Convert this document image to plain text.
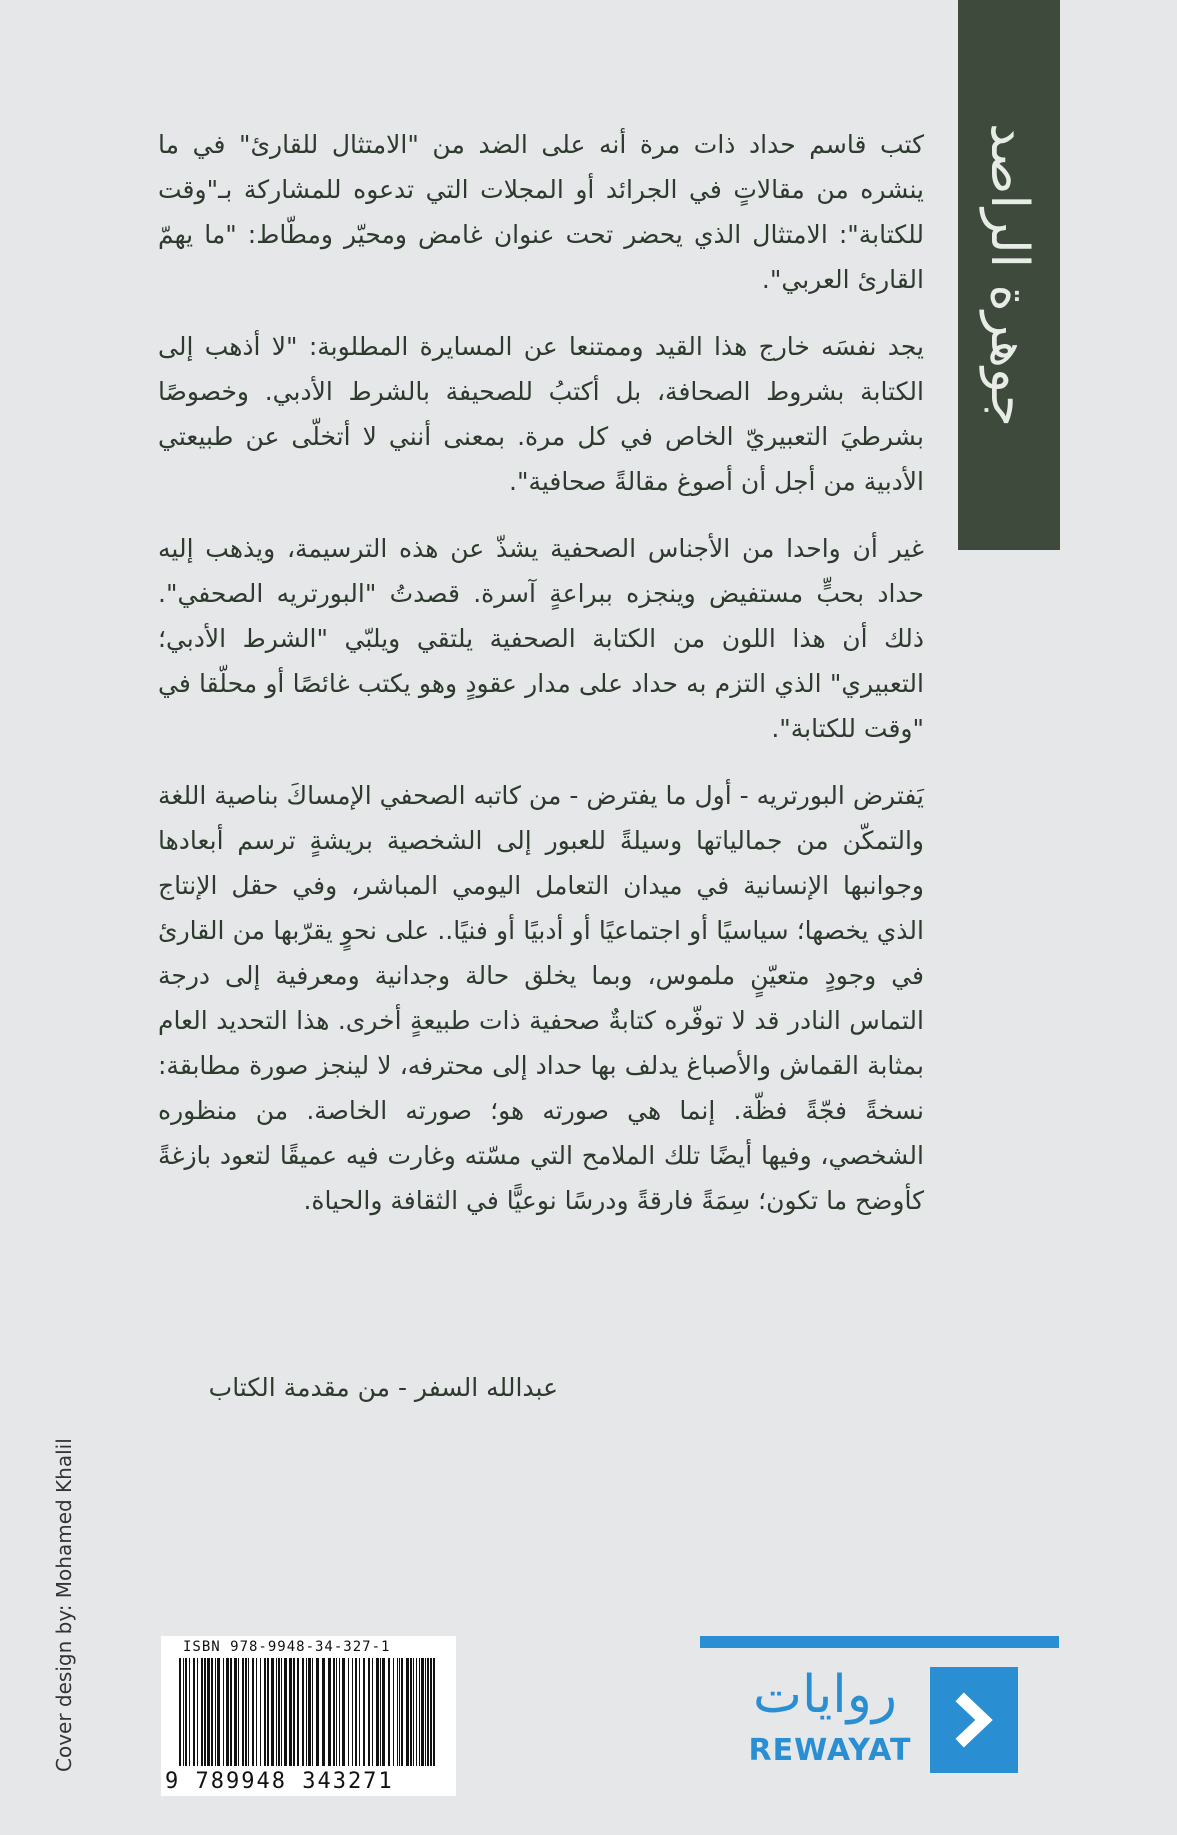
جوهرة الراصد

كتب قاسم حداد ذات مرة أنه على الضد من "الامتثال للقارئ" في ما ينشره من مقالاتٍ في الجرائد أو المجلات التي تدعوه للمشاركة بـ"وقت للكتابة": الامتثال الذي يحضر تحت عنوان غامض ومحيّر ومطّاط: "ما يهمّ القارئ العربي".

يجد نفسَه خارج هذا القيد وممتنعا عن المسايرة المطلوبة: "لا أذهب إلى الكتابة بشروط الصحافة، بل أكتبُ للصحيفة بالشرط الأدبي. وخصوصًا بشرطيَ التعبيريّ الخاص في كل مرة. بمعنى أنني لا أتخلّى عن طبيعتي الأدبية من أجل أن أصوغ مقالةً صحافية".

غير أن واحدا من الأجناس الصحفية يشذّ عن هذه الترسيمة، ويذهب إليه حداد بحبٍّ مستفيض وينجزه ببراعةٍ آسرة. قصدتُ "البورتريه الصحفي". ذلك أن هذا اللون من الكتابة الصحفية يلتقي ويلبّي "الشرط الأدبي؛ التعبيري" الذي التزم به حداد على مدار عقودٍ وهو يكتب غائصًا أو محلّقا في "وقت للكتابة".

يَفترض البورتريه - أول ما يفترض - من كاتبه الصحفي الإمساكَ بناصية اللغة والتمكّن من جمالياتها وسيلةً للعبور إلى الشخصية بريشةٍ ترسم أبعادها وجوانبها الإنسانية في ميدان التعامل اليومي المباشر، وفي حقل الإنتاج الذي يخصها؛ سياسيًا أو اجتماعيًا أو أدبيًا أو فنيًا.. على نحوٍ يقرّبها من القارئ في وجودٍ متعيّنٍ ملموس، وبما يخلق حالة وجدانية ومعرفية إلى درجة التماس النادر قد لا توفّره كتابةٌ صحفية ذات طبيعةٍ أخرى. هذا التحديد العام بمثابة القماش والأصباغ يدلف بها حداد إلى محترفه، لا لينجز صورة مطابقة: نسخةً فجّةً فظّة. إنما هي صورته هو؛ صورته الخاصة. من منظوره الشخصي، وفيها أيضًا تلك الملامح التي مسّته وغارت فيه عميقًا لتعود بازغةً كأوضح ما تكون؛ سِمَةً فارقةً ودرسًا نوعيًّا في الثقافة والحياة.

عبدالله السفر - من مقدمة الكتاب
Cover design by: Mohamed Khalil	ISBN 978-9948-34-327-1
9 789948 343271
روايات
REWAYAT
